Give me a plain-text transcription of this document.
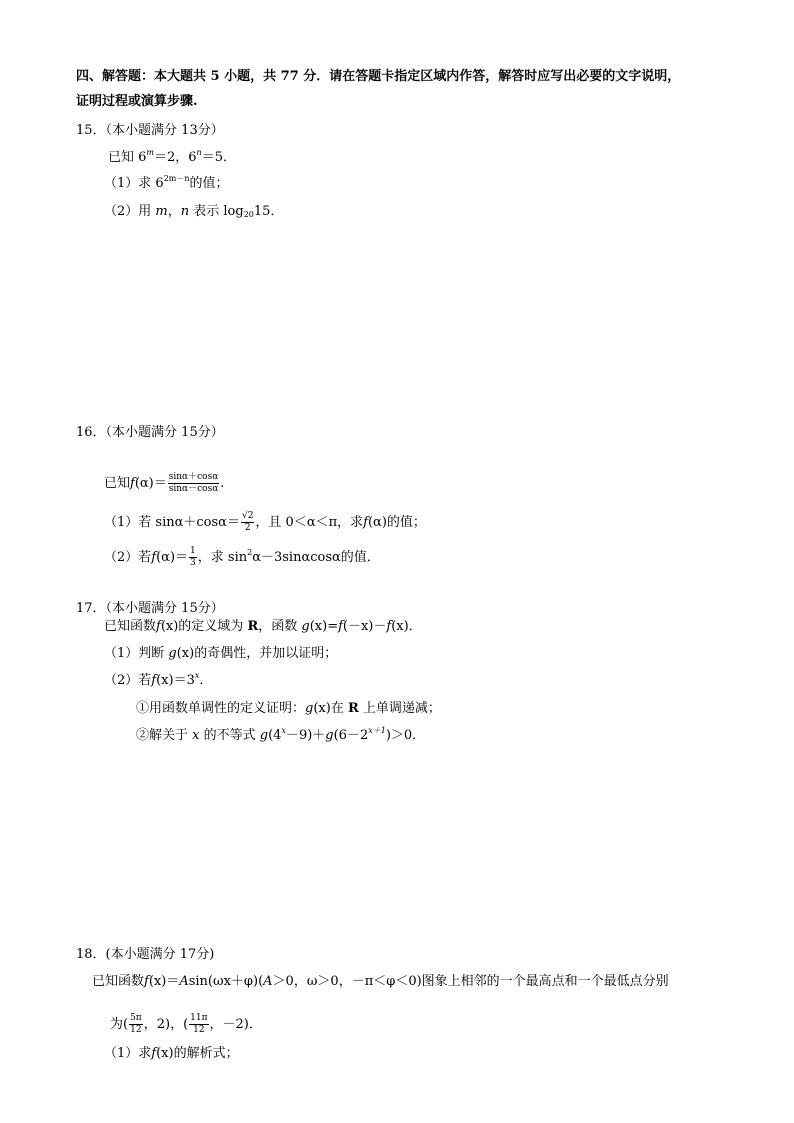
四、解答题：本大题共 5 小题，共 77 分．请在答题卡指定区域内作答，解答时应写出必要的文字说明，
证明过程或演算步骤.
15．（本小题满分 13分）
已知 $6^m=2$，$6^n=5$．
（1）求 $6^{2m-n}$的值；
（2）用 m，n 表示 $\log_{20}15$．
16．（本小题满分 15分）
已知$f(\alpha)= \frac{\sin\alpha+\cos\alpha}{\sin\alpha-\cos\alpha}$ .
（1）若 $\sin\alpha+\cos\alpha= \frac{√2}{2}$ ，且 0＜α＜π，求f(α)的值；
（2）若$f(\alpha)= \frac{1}{3}$ ，求 $\sin^2\alpha-3\sin\alpha\cos\alpha$的值．
17．（本小题满分 15分）
已知函数f(x)的定义域为 R，函数 g(x)=f(－x)－f(x)．
（1）判断 g(x)的奇偶性，并加以证明；
（2）若$f(x)=3^x$．
①用函数单调性的定义证明：g(x)在 R 上单调递减；
②解关于 x 的不等式 $g(4^x-9)+g(6-2^{x+1})>0$．
18．(本小题满分 17分)
已知函数f(x)＝Asin(ωx＋φ)(A＞0，ω＞0，－π＜φ＜0)图象上相邻的一个最高点和一个最低点分别
为( $\frac{5\pi}{12}$ ，2)，( $\frac{11\pi}{12}$ ，－2)．
（1）求f(x)的解析式；
